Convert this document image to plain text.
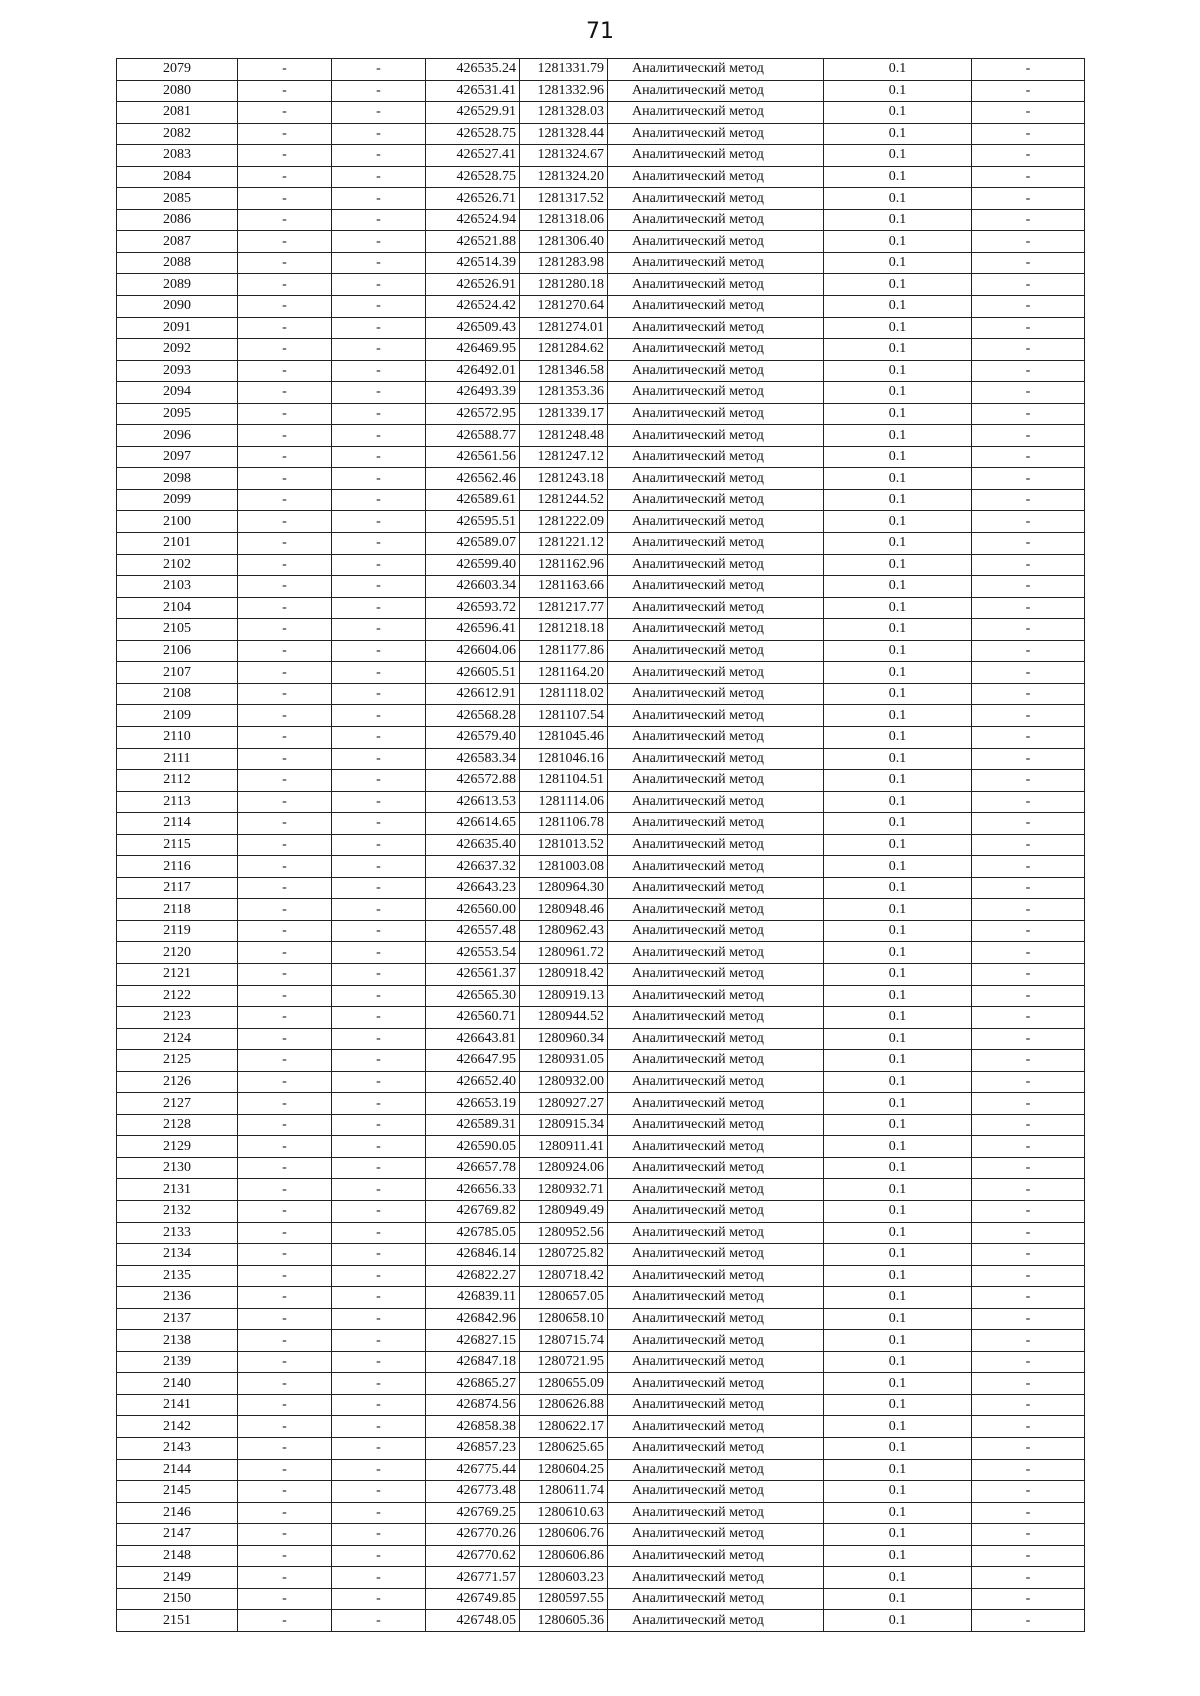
71
2079	-	-	426535.24	1281331.79	Аналитический метод	0.1	-
2080	-	-	426531.41	1281332.96	Аналитический метод	0.1	-
2081	-	-	426529.91	1281328.03	Аналитический метод	0.1	-
2082	-	-	426528.75	1281328.44	Аналитический метод	0.1	-
2083	-	-	426527.41	1281324.67	Аналитический метод	0.1	-
2084	-	-	426528.75	1281324.20	Аналитический метод	0.1	-
2085	-	-	426526.71	1281317.52	Аналитический метод	0.1	-
2086	-	-	426524.94	1281318.06	Аналитический метод	0.1	-
2087	-	-	426521.88	1281306.40	Аналитический метод	0.1	-
2088	-	-	426514.39	1281283.98	Аналитический метод	0.1	-
2089	-	-	426526.91	1281280.18	Аналитический метод	0.1	-
2090	-	-	426524.42	1281270.64	Аналитический метод	0.1	-
2091	-	-	426509.43	1281274.01	Аналитический метод	0.1	-
2092	-	-	426469.95	1281284.62	Аналитический метод	0.1	-
2093	-	-	426492.01	1281346.58	Аналитический метод	0.1	-
2094	-	-	426493.39	1281353.36	Аналитический метод	0.1	-
2095	-	-	426572.95	1281339.17	Аналитический метод	0.1	-
2096	-	-	426588.77	1281248.48	Аналитический метод	0.1	-
2097	-	-	426561.56	1281247.12	Аналитический метод	0.1	-
2098	-	-	426562.46	1281243.18	Аналитический метод	0.1	-
2099	-	-	426589.61	1281244.52	Аналитический метод	0.1	-
2100	-	-	426595.51	1281222.09	Аналитический метод	0.1	-
2101	-	-	426589.07	1281221.12	Аналитический метод	0.1	-
2102	-	-	426599.40	1281162.96	Аналитический метод	0.1	-
2103	-	-	426603.34	1281163.66	Аналитический метод	0.1	-
2104	-	-	426593.72	1281217.77	Аналитический метод	0.1	-
2105	-	-	426596.41	1281218.18	Аналитический метод	0.1	-
2106	-	-	426604.06	1281177.86	Аналитический метод	0.1	-
2107	-	-	426605.51	1281164.20	Аналитический метод	0.1	-
2108	-	-	426612.91	1281118.02	Аналитический метод	0.1	-
2109	-	-	426568.28	1281107.54	Аналитический метод	0.1	-
2110	-	-	426579.40	1281045.46	Аналитический метод	0.1	-
2111	-	-	426583.34	1281046.16	Аналитический метод	0.1	-
2112	-	-	426572.88	1281104.51	Аналитический метод	0.1	-
2113	-	-	426613.53	1281114.06	Аналитический метод	0.1	-
2114	-	-	426614.65	1281106.78	Аналитический метод	0.1	-
2115	-	-	426635.40	1281013.52	Аналитический метод	0.1	-
2116	-	-	426637.32	1281003.08	Аналитический метод	0.1	-
2117	-	-	426643.23	1280964.30	Аналитический метод	0.1	-
2118	-	-	426560.00	1280948.46	Аналитический метод	0.1	-
2119	-	-	426557.48	1280962.43	Аналитический метод	0.1	-
2120	-	-	426553.54	1280961.72	Аналитический метод	0.1	-
2121	-	-	426561.37	1280918.42	Аналитический метод	0.1	-
2122	-	-	426565.30	1280919.13	Аналитический метод	0.1	-
2123	-	-	426560.71	1280944.52	Аналитический метод	0.1	-
2124	-	-	426643.81	1280960.34	Аналитический метод	0.1	-
2125	-	-	426647.95	1280931.05	Аналитический метод	0.1	-
2126	-	-	426652.40	1280932.00	Аналитический метод	0.1	-
2127	-	-	426653.19	1280927.27	Аналитический метод	0.1	-
2128	-	-	426589.31	1280915.34	Аналитический метод	0.1	-
2129	-	-	426590.05	1280911.41	Аналитический метод	0.1	-
2130	-	-	426657.78	1280924.06	Аналитический метод	0.1	-
2131	-	-	426656.33	1280932.71	Аналитический метод	0.1	-
2132	-	-	426769.82	1280949.49	Аналитический метод	0.1	-
2133	-	-	426785.05	1280952.56	Аналитический метод	0.1	-
2134	-	-	426846.14	1280725.82	Аналитический метод	0.1	-
2135	-	-	426822.27	1280718.42	Аналитический метод	0.1	-
2136	-	-	426839.11	1280657.05	Аналитический метод	0.1	-
2137	-	-	426842.96	1280658.10	Аналитический метод	0.1	-
2138	-	-	426827.15	1280715.74	Аналитический метод	0.1	-
2139	-	-	426847.18	1280721.95	Аналитический метод	0.1	-
2140	-	-	426865.27	1280655.09	Аналитический метод	0.1	-
2141	-	-	426874.56	1280626.88	Аналитический метод	0.1	-
2142	-	-	426858.38	1280622.17	Аналитический метод	0.1	-
2143	-	-	426857.23	1280625.65	Аналитический метод	0.1	-
2144	-	-	426775.44	1280604.25	Аналитический метод	0.1	-
2145	-	-	426773.48	1280611.74	Аналитический метод	0.1	-
2146	-	-	426769.25	1280610.63	Аналитический метод	0.1	-
2147	-	-	426770.26	1280606.76	Аналитический метод	0.1	-
2148	-	-	426770.62	1280606.86	Аналитический метод	0.1	-
2149	-	-	426771.57	1280603.23	Аналитический метод	0.1	-
2150	-	-	426749.85	1280597.55	Аналитический метод	0.1	-
2151	-	-	426748.05	1280605.36	Аналитический метод	0.1	-
